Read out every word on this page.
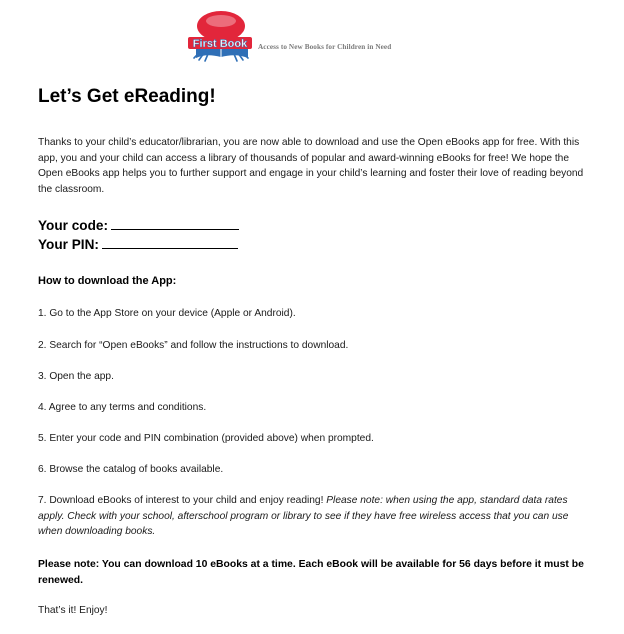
First Book Access to New Books for Children in Need
Let’s Get eReading!

Thanks to your child’s educator/librarian, you are now able to download and use the Open eBooks app for free. With this app, you and your child can access a library of thousands of popular and award-winning eBooks for free! We hope the Open eBooks app helps you to further support and engage in your child’s learning and foster their love of reading beyond the classroom.

Your code:
Your PIN:
How to download the App:

1. Go to the App Store on your device (Apple or Android).

2. Search for “Open eBooks” and follow the instructions to download.

3. Open the app.

4. Agree to any terms and conditions.

5. Enter your code and PIN combination (provided above) when prompted.

6. Browse the catalog of books available.

7. Download eBooks of interest to your child and enjoy reading! Please note: when using the app, standard data rates apply. Check with your school, afterschool program or library to see if they have free wireless access that you can use when downloading books.

Please note: You can download 10 eBooks at a time. Each eBook will be available for 56 days before it must be renewed.

That’s it! Enjoy!
